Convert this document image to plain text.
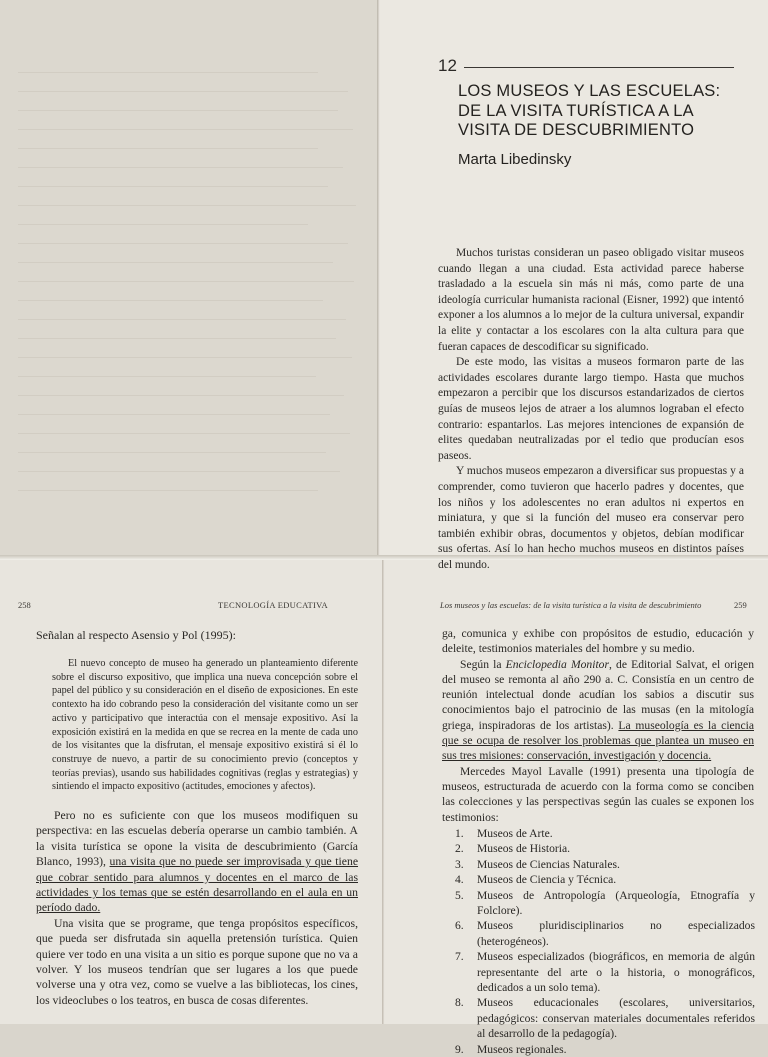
12
LOS MUSEOS Y LAS ESCUELAS:
DE LA VISITA TURÍSTICA A LA
VISITA DE DESCUBRIMIENTO
Marta Libedinsky

Muchos turistas consideran un paseo obligado visitar museos cuando llegan a una ciudad. Esta actividad parece haberse trasladado a la escuela sin más ni más, como parte de una ideología curricular humanista racional (Eisner, 1992) que intentó exponer a los alumnos a lo mejor de la cultura universal, expandir la elite y contactar a los escolares con la alta cultura para que fueran capaces de descodificar su significado.

De este modo, las visitas a museos formaron parte de las actividades escolares durante largo tiempo. Hasta que muchos empezaron a percibir que los discursos estandarizados de ciertos guías de museos lejos de atraer a los alumnos lograban el efecto contrario: espantarlos. Las mejores intenciones de expansión de elites quedaban neutralizadas por el tedio que producían esos paseos.

Y muchos museos empezaron a diversificar sus propuestas y a comprender, como tuvieron que hacerlo padres y docentes, que los niños y los adolescentes no eran adultos ni expertos en miniatura, y que si la función del museo era conservar pero también exhibir obras, documentos y objetos, debían modificar sus ofertas. Así lo han hecho muchos museos en distintos países del mundo.

258	TECNOLOGÍA EDUCATIVA

Señalan al respecto Asensio y Pol (1995):

El nuevo concepto de museo ha generado un planteamiento diferente sobre el discurso expositivo, que implica una nueva concepción sobre el papel del público y su consideración en el diseño de exposiciones. En este contexto ha ido cobrando peso la consideración del visitante como un ser activo y participativo que interactúa con el mensaje expositivo. Así la exposición existirá en la medida en que se recrea en la mente de cada uno de los visitantes que la disfrutan, el mensaje expositivo existirá si él lo construye de nuevo, a partir de su conocimiento previo (conceptos y teorías previas), usando sus habilidades cognitivas (reglas y estrategias) y sintiendo el impacto expositivo (actitudes, emociones y afectos).

Pero no es suficiente con que los museos modifiquen su perspectiva: en las escuelas debería operarse un cambio también. A la visita turística se opone la visita de descubrimiento (García Blanco, 1993), una visita que no puede ser improvisada y que tiene que cobrar sentido para alumnos y docentes en el marco de las actividades y los temas que se estén desarrollando en el aula en un período dado.

Una visita que se programe, que tenga propósitos específicos, que pueda ser disfrutada sin aquella pretensión turística. Quien quiere ver todo en una visita a un sitio es porque supone que no va a volver. Y los museos tendrían que ser lugares a los que puede volverse una y otra vez, como se vuelve a las bibliotecas, los cines, los videoclubes o los teatros, en busca de cosas diferentes.

Los museos y las escuelas: de la visita turística a la visita de descubrimiento	259

ga, comunica y exhibe con propósitos de estudio, educación y deleite, testimonios materiales del hombre y su medio.

Según la Enciclopedia Monitor, de Editorial Salvat, el origen del museo se remonta al año 290 a. C. Consistía en un centro de reunión intelectual donde acudían los sabios a discutir sus conocimientos bajo el patrocinio de las musas (en la mitología griega, inspiradoras de los artistas). La museología es la ciencia que se ocupa de resolver los problemas que plantea un museo en sus tres misiones: conservación, investigación y docencia.

Mercedes Mayol Lavalle (1991) presenta una tipología de museos, estructurada de acuerdo con la forma como se conciben las colecciones y las perspectivas según las cuales se exponen los testimonios:

1. Museos de Arte.
2. Museos de Historia.
3. Museos de Ciencias Naturales.
4. Museos de Ciencia y Técnica.
5. Museos de Antropología (Arqueología, Etnografía y Folclore).
6. Museos pluridisciplinarios no especializados (heterogéneos).
7. Museos especializados (biográficos, en memoria de algún representante del arte o la historia, o monográficos, dedicados a un solo tema).
8. Museos educacionales (escolares, universitarios, pedagógicos: conservan materiales documentales referidos al desarrollo de la pedagogía).
9. Museos regionales.
